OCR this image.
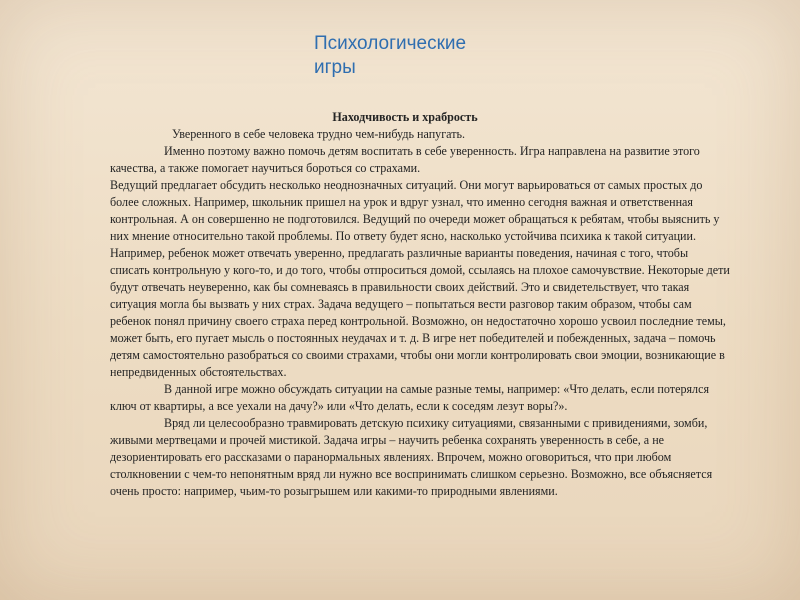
Психологические
игры
Находчивость и храбрость

Уверенного в себе человека трудно чем-нибудь напугать.

Именно поэтому важно помочь детям воспитать в себе уверенность. Игра направлена на развитие этого качества, а также помогает научиться бороться со страхами.

Ведущий предлагает обсудить несколько неоднозначных ситуаций. Они могут варьироваться от самых простых до более сложных. Например, школьник пришел на урок и вдруг узнал, что именно сегодня важная и ответственная контрольная. А он совершенно не подготовился. Ведущий по очереди может обращаться к ребятам, чтобы выяснить у них мнение относительно такой проблемы. По ответу будет ясно, насколько устойчива психика к такой ситуации. Например, ребенок может отвечать уверенно, предлагать различные варианты поведения, начиная с того, чтобы списать контрольную у кого-то, и до того, чтобы отпроситься домой, ссылаясь на плохое самочувствие. Некоторые дети будут отвечать неуверенно, как бы сомневаясь в правильности своих действий. Это и свидетельствует, что такая ситуация могла бы вызвать у них страх. Задача ведущего – попытаться вести разговор таким образом, чтобы сам ребенок понял причину своего страха перед контрольной. Возможно, он недостаточно хорошо усвоил последние темы, может быть, его пугает мысль о постоянных неудачах и т. д. В игре нет победителей и побежденных, задача – помочь детям самостоятельно разобраться со своими страхами, чтобы они могли контролировать свои эмоции, возникающие в непредвиденных обстоятельствах.

В данной игре можно обсуждать ситуации на самые разные темы, например: «Что делать, если потерялся ключ от квартиры, а все уехали на дачу?» или «Что делать, если к соседям лезут воры?».

Вряд ли целесообразно травмировать детскую психику ситуациями, связанными с привидениями, зомби, живыми мертвецами и прочей мистикой. Задача игры – научить ребенка сохранять уверенность в себе, а не дезориентировать его рассказами о паранормальных явлениях. Впрочем, можно оговориться, что при любом столкновении с чем-то непонятным вряд ли нужно все воспринимать слишком серьезно. Возможно, все объясняется очень просто: например, чьим-то розыгрышем или какими-то природными явлениями.
